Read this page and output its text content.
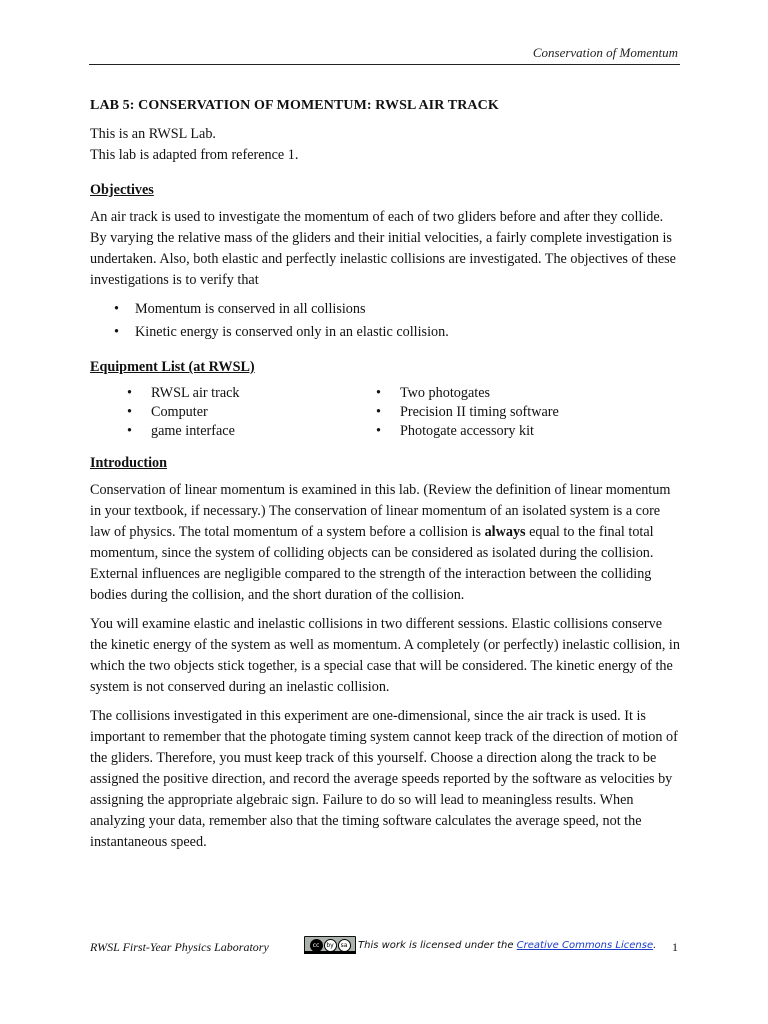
Conservation of Momentum
LAB 5: CONSERVATION OF MOMENTUM: RWSL AIR TRACK

This is an RWSL Lab.

This lab is adapted from reference 1.

Objectives

An air track is used to investigate the momentum of each of two gliders before and after they collide. By varying the relative mass of the gliders and their initial velocities, a fairly complete investigation is undertaken. Also, both elastic and perfectly inelastic collisions are investigated. The objectives of these investigations is to verify that

• Momentum is conserved in all collisions
• Kinetic energy is conserved only in an elastic collision.
Equipment List (at RWSL)
• RWSL air track
• Computer
• game interface
• Two photogates
• Precision II timing software
• Photogate accessory kit
Introduction

Conservation of linear momentum is examined in this lab. (Review the definition of linear momentum in your textbook, if necessary.) The conservation of linear momentum of an isolated system is a core law of physics. The total momentum of a system before a collision is always equal to the final total momentum, since the system of colliding objects can be considered as isolated during the collision. External influences are negligible compared to the strength of the interaction between the colliding bodies during the collision, and the short duration of the collision.

You will examine elastic and inelastic collisions in two different sessions. Elastic collisions conserve the kinetic energy of the system as well as momentum. A completely (or perfectly) inelastic collision, in which the two objects stick together, is a special case that will be considered. The kinetic energy of the system is not conserved during an inelastic collision.

The collisions investigated in this experiment are one-dimensional, since the air track is used. It is important to remember that the photogate timing system cannot keep track of the direction of motion of the gliders. Therefore, you must keep track of this yourself. Choose a direction along the track to be assigned the positive direction, and record the average speeds reported by the software as velocities by assigning the appropriate algebraic sign. Failure to do so will lead to meaningless results. When analyzing your data, remember also that the timing software calculates the average speed, not the instantaneous speed.

RWSL First-Year Physics Laboratory	cc	by	sa	This work is licensed under the Creative Commons License. 1
